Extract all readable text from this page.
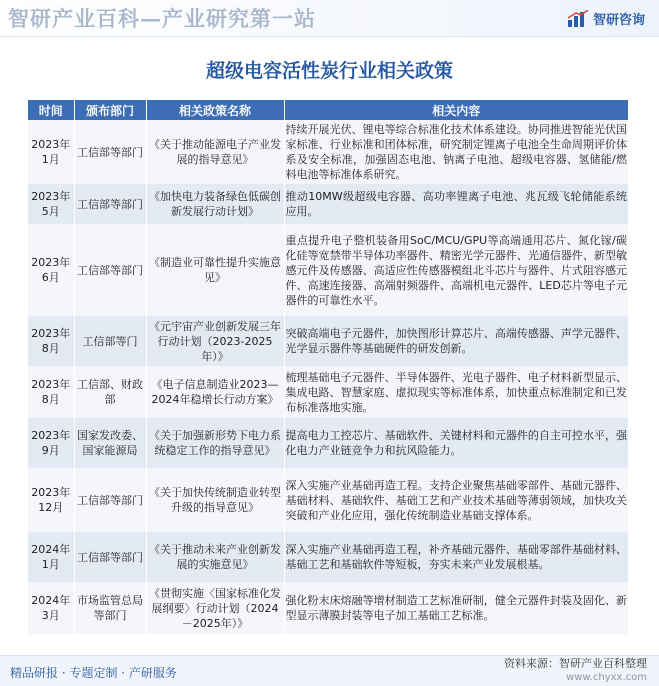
智研产业百科—产业研究第一站	智研咨询
超级电容活性炭行业相关政策
时间	颁布部门	相关政策名称	相关内容
2023年1月	工信部等部门	《关于推动能源电子产业发展的指导意见》	持续开展光伏、锂电等综合标准化技术体系建设。协同推进智能光伏国家标准、行业标准和团体标准，研究制定锂离子电池全生命周期评价体系及安全标准，加强固态电池、钠离子电池、超级电容器、氢储能/燃料电池等标准体系研究。
2023年5月	工信部等部门	《加快电力装备绿色低碳创新发展行动计划》	推动10MW级超级电容器、高功率锂离子电池、兆瓦级飞轮储能系统应用。
2023年6月	工信部等部门	《制造业可靠性提升实施意见》	重点提升电子整机装备用SoC/MCU/GPU等高端通用芯片、氮化镓/碳化硅等宽禁带半导体功率器件、精密光学元器件、光通信器件、新型敏感元件及传感器、高适应性传感器模组北斗芯片与器件、片式阻容感元件、高速连接器、高端射频器件、高端机电元器件、LED芯片等电子元器件的可靠性水平。
2023年8月	工信部等门	《元宇宙产业创新发展三年行动计划（2023-2025年）》	突破高端电子元器件，加快图形计算芯片、高端传感器、声学元器件、光学显示器件等基础硬件的研发创新。
2023年8月	工信部、财政部	《电子信息制造业2023—2024年稳增长行动方案》	梳理基础电子元器件、半导体器件、光电子器件、电子材料新型显示、集成电路、智慧家庭、虚拟现实等标准体系，加快重点标准制定和已发布标准落地实施。
2023年9月	国家发改委、国家能源局	《关于加强新形势下电力系统稳定工作的指导意见》	提高电力工控芯片、基础软件、关键材料和元器件的自主可控水平，强化电力产业链竞争力和抗风险能力。
2023年12月	工信部等部门	《关于加快传统制造业转型升级的指导意见》	深入实施产业基础再造工程。支持企业聚焦基础零部件、基础元器件、基础材料、基础软件、基础工艺和产业技术基础等薄弱领域，加快攻关突破和产业化应用，强化传统制造业基础支撑体系。
2024年1月	工信部等部门	《关于推动未来产业创新发展的实施意见》	深入实施产业基础再造工程，补齐基础元器件、基础零部件基础材料、基础工艺和基础软件等短板，夯实未来产业发展根基。
2024年3月	市场监管总局等部门	《贯彻实施〈国家标准化发展纲要〉行动计划（2024－2025年）》	强化粉末床熔融等增材制造工艺标准研制，健全元器件封装及固化、新型显示薄膜封装等电子加工基础工艺标准。
精品研报 · 专题定制 · 产研服务
资料来源：智研产业百科整理
www.chyxx.com
